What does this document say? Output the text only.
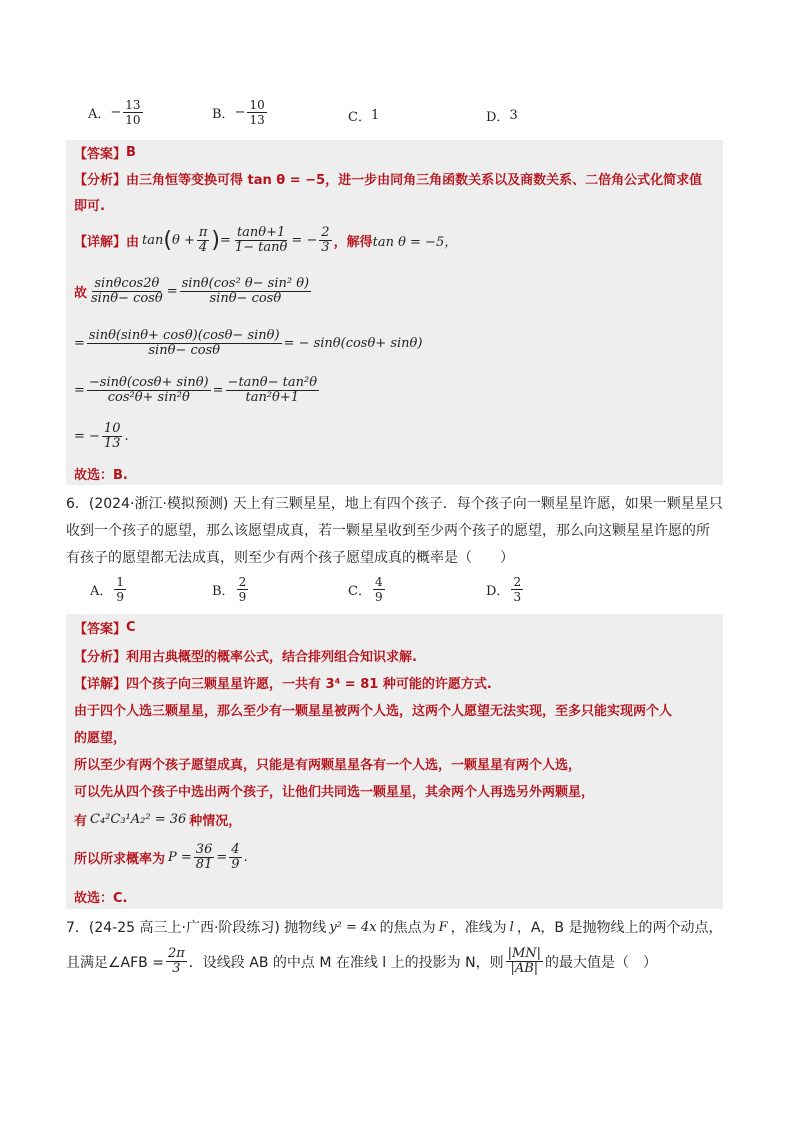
A． − $\frac{13}{10}$	B． − $\frac{10}{13}$	C． 1	D． 3
【答案】 B
【分析】 由三角恒等变换可得 tan θ = −5，进一步由同角三角函数关系以及商数关系、二倍角公式化简求值
即可.
【详解】 由 tan ( $\theta + \frac{\pi}{4}$ ) = $\frac{\tan\theta+1}{1- \tan\theta}$ = − $\frac{2}{3}$ ，解得 tan θ = −5，
故 $\frac{\sin\theta\cos 2\theta}{\sin\theta- \cos\theta} = \frac{\text{sinθ(cos² θ− sin² θ)}}{\sin\theta- \cos\theta}$
= $\frac{\sin\theta(\sin\theta+ \cos\theta)(\cos\theta- \sin\theta)}{\sin\theta- \cos\theta}$ = − sinθ(cosθ+ sinθ)
= $\frac{-\sin\theta(\cos\theta+ \sin\theta)}{\text{cos²θ+ sin²θ}} = \frac{\text{−tanθ− tan²θ}}{\text{tan²θ+1}}$
= − $\frac{10}{13}$ .
故选：B.
6．(2024·浙江·模拟预测) 天上有三颗星星，地上有四个孩子．每个孩子向一颗星星许愿，如果一颗星星只
收到一个孩子的愿望，那么该愿望成真，若一颗星星收到至少两个孩子的愿望，那么向这颗星星许愿的所
有孩子的愿望都无法成真，则至少有两个孩子愿望成真的概率是（　　）
A． $\frac{1}{9}$	B． $\frac{2}{9}$	C． $\frac{4}{9}$	D． $\frac{2}{3}$
【答案】 C
【分析】 利用古典概型的概率公式，结合排列组合知识求解.
【详解】 四个孩子向三颗星星许愿，一共有 3⁴ = 81 种可能的许愿方式.
由于四个人选三颗星星，那么至少有一颗星星被两个人选，这两个人愿望无法实现，至多只能实现两个人
的愿望，
所以至少有两个孩子愿望成真，只能是有两颗星星各有一个人选，一颗星星有两个人选，
可以先从四个孩子中选出两个孩子，让他们共同选一颗星星，其余两个人再选另外两颗星，
有 C₄²C₃¹A₂² = 36 种情况，
所以所求概率为 $P = \frac{36}{81} = \frac{4}{9}$ .
故选：C.
7．(24-25 高三上·广西·阶段练习) 抛物线 y² = 4x 的焦点为 F ，准线为 l ，A，B 是抛物线上的两个动点，
且满足∠AFB = $\frac{2\pi}{3}$ ．设线段 AB 的中点 M 在准线 l 上的投影为 N，则 $\frac{|MN|}{|AB|}$ 的最大值是（　）
